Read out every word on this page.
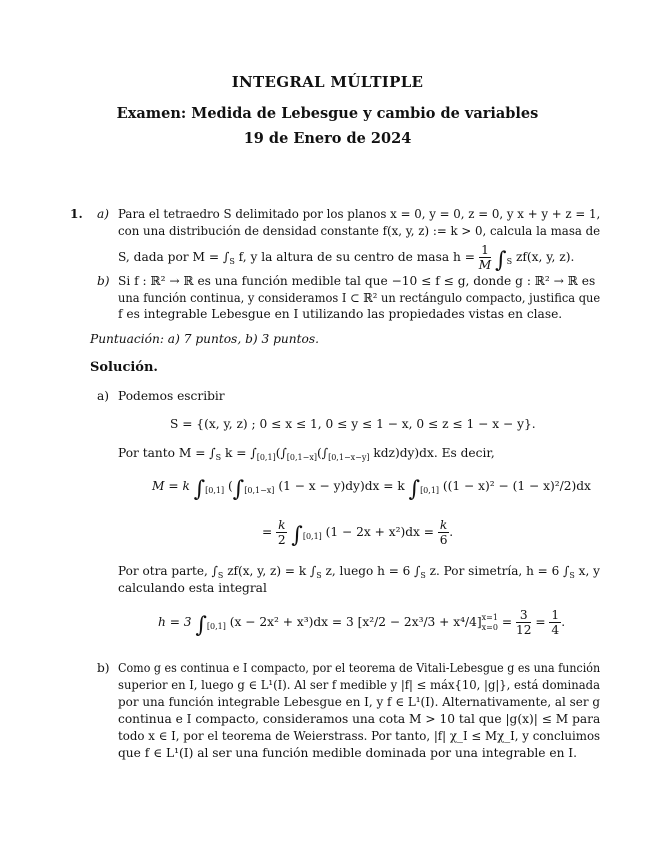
INTEGRAL MÚLTIPLE
Examen: Medida de Lebesgue y cambio de variables
19 de Enero de 2024
1. a) Para el tetraedro S delimitado por los planos x = 0, y = 0, z = 0, y x + y + z = 1,
con una distribución de densidad constante f(x, y, z) := k > 0, calcula la masa de
S, dada por $M = \int_S$ f, y la altura de su centro de masa $h = \frac{1}{M} \int_S$ zf(x, y, z).
b) Si f : ℝ² → ℝ es una función medible tal que −10 ≤ f ≤ g, donde g : ℝ² → ℝ es
una función continua, y consideramos I ⊂ ℝ² un rectángulo compacto, justifica que
f es integrable Lebesgue en I utilizando las propiedades vistas en clase.
Puntuación: a) 7 puntos, b) 3 puntos.
Solución.
a) Podemos escribir
S = {(x, y, z) ; 0 ≤ x ≤ 1, 0 ≤ y ≤ 1 − x, 0 ≤ z ≤ 1 − x − y}.
Por tanto $M = \int_S$ $k = \int_{[0,1]}(\int_{[0,1-x]}(\int_{[0,1-x-y]}$ kdz)dy)dx. Es decir,
M = k $\int_{[0,1]}$ ($\int_{[0,1-x]}$ (1 − x − y)dy)dx = k $\int_{[0,1]}$ ((1 − x)² − (1 − x)²/2)dx
= $\frac{k}{2} \int_{[0,1]}$ $(1 - 2x + x^2)dx = \frac{k}{6}$ .
Por otra parte, $\int_S$ zf(x, y, z) = k $\int_S$ z, luego h = 6 $\int_S$ z. Por simetría, h = 6 $\int_S$ x, y
calculando esta integral
h = 3 $\int_{[0,1]}$ (x − 2x² + x³)dx = 3 [x²/2 − 2x³/3 + x⁴/4] x=1
$x=0 = \frac{3}{12} = \frac{1}{4}$ .
b) Como g es continua e I compacto, por el teorema de Vitali-Lebesgue g es una función
superior en I, luego g ∈ L¹(I). Al ser f medible y |f| ≤ máx{10, |g|}, está dominada
por una función integrable Lebesgue en I, y f ∈ L¹(I). Alternativamente, al ser g
continua e I compacto, consideramos una cota M > 10 tal que |g(x)| ≤ M para
todo x ∈ I, por el teorema de Weierstrass. Por tanto, |f| χ_I ≤ Mχ_I, y concluimos
que f ∈ L¹(I) al ser una función medible dominada por una integrable en I.
